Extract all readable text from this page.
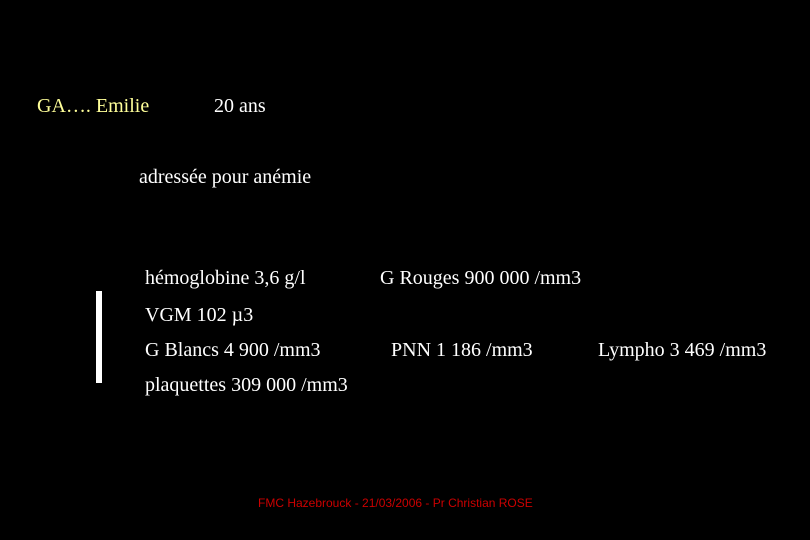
GA…. Emilie	20 ans
adressée pour anémie
hémoglobine 3,6 g/l	G Rouges 900 000 /mm3
VGM 102 µ3
G Blancs 4 900 /mm3	PNN 1 186 /mm3	Lympho 3 469 /mm3
plaquettes 309 000 /mm3
FMC Hazebrouck - 21/03/2006 - Pr Christian ROSE
